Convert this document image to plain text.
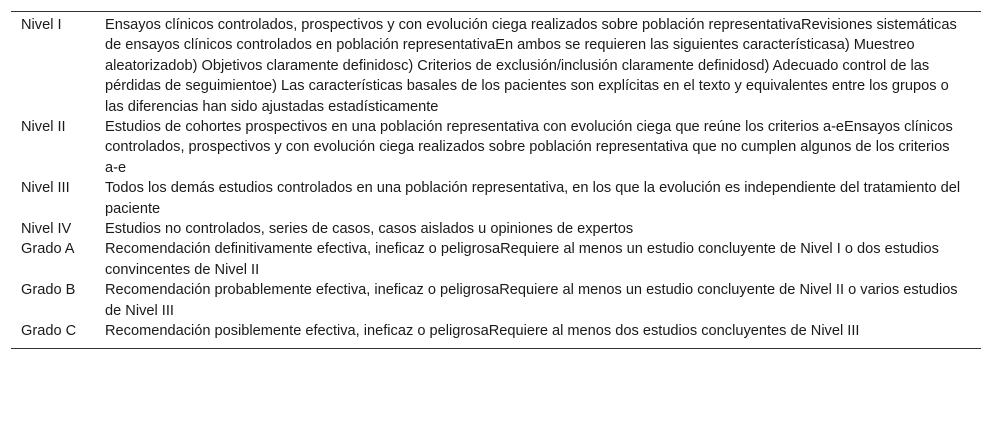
Nivel I	Ensayos clínicos controlados, prospectivos y con evolución ciega realizados sobre población representativaRevisiones sistemáticas de ensayos clínicos controlados en población representativaEn ambos se requieren las siguientes característicasa) Muestreo aleatorizadob) Objetivos claramente definidosc) Criterios de exclusión/inclusión claramente definidosd) Adecuado control de las pérdidas de seguimientoe) Las características basales de los pacientes son explícitas en el texto y equivalentes entre los grupos o las diferencias han sido ajustadas estadísticamente
Nivel II	Estudios de cohortes prospectivos en una población representativa con evolución ciega que reúne los criterios a-eEnsayos clínicos controlados, prospectivos y con evolución ciega realizados sobre población representativa que no cumplen algunos de los criterios a-e
Nivel III	Todos los demás estudios controlados en una población representativa, en los que la evolución es independiente del tratamiento del paciente
Nivel IV	Estudios no controlados, series de casos, casos aislados u opiniones de expertos
Grado A	Recomendación definitivamente efectiva, ineficaz o peligrosaRequiere al menos un estudio concluyente de Nivel I o dos estudios convincentes de Nivel II
Grado B	Recomendación probablemente efectiva, ineficaz o peligrosaRequiere al menos un estudio concluyente de Nivel II o varios estudios de Nivel III
Grado C	Recomendación posiblemente efectiva, ineficaz o peligrosaRequiere al menos dos estudios concluyentes de Nivel III
